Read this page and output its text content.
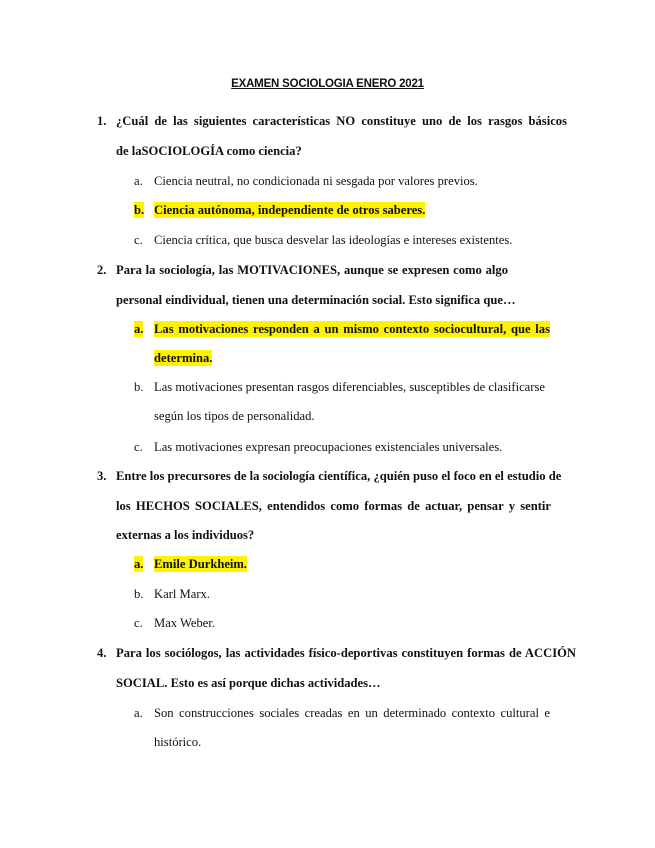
EXAMEN SOCIOLOGIA ENERO 2021
1. ¿Cuál de las siguientes características NO constituye uno de los rasgos básicos
de laSOCIOLOGÍA como ciencia?
a. Ciencia neutral, no condicionada ni sesgada por valores previos.
b. Ciencia autónoma, independiente de otros saberes.
c. Ciencia crítica, que busca desvelar las ideologías e intereses existentes.
2. Para la sociología, las MOTIVACIONES, aunque se expresen como algo
personal eindividual, tienen una determinación social. Esto significa que…
a. Las motivaciones responden a un mismo contexto sociocultural, que las
determina.
b. Las motivaciones presentan rasgos diferenciables, susceptibles de clasificarse
según los tipos de personalidad.
c. Las motivaciones expresan preocupaciones existenciales universales.
3. Entre los precursores de la sociología científica, ¿quién puso el foco en el estudio de
los HECHOS SOCIALES, entendidos como formas de actuar, pensar y sentir
externas a los individuos?
a. Emile Durkheim.
b. Karl Marx.
c. Max Weber.
4. Para los sociólogos, las actividades físico-deportivas constituyen formas de ACCIÓN
SOCIAL. Esto es así porque dichas actividades…
a. Son construcciones sociales creadas en un determinado contexto cultural e
histórico.
